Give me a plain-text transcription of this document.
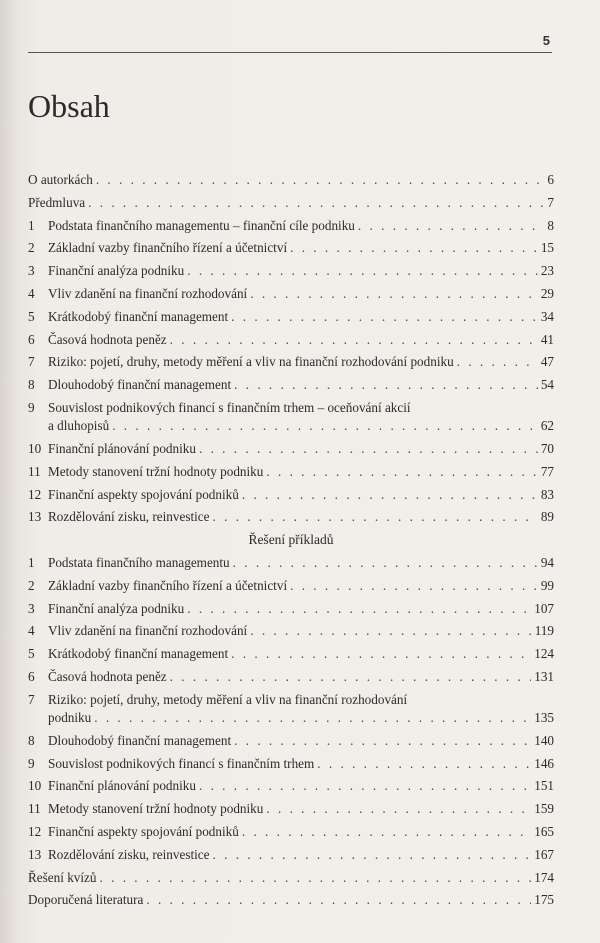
5
Obsah
O autorkách . . .	6
Předmluva . . .	7
1	Podstata finančního managementu – finanční cíle podniku . . .	8
2	Základní vazby finančního řízení a účetnictví . . .	15
3	Finanční analýza podniku . . .	23
4	Vliv zdanění na finanční rozhodování . . .	29
5	Krátkodobý finanční management . . .	34
6	Časová hodnota peněz . . .	41
7	Riziko: pojetí, druhy, metody měření a vliv na finanční rozhodování podniku . . .	47
8	Dlouhodobý finanční management . . .	54
9	Souvislost podnikových financí s finančním trhem – oceňování akcií
a dluhopisů . . .	62
10 Finanční plánování podniku . . .	70
11 Metody stanovení tržní hodnoty podniku . . .	77
12 Finanční aspekty spojování podniků . . .	83
13 Rozdělování zisku, reinvestice . . .	89
Řešení příkladů
1	Podstata finančního managementu . . .	94
2	Základní vazby finančního řízení a účetnictví . . .	99
3	Finanční analýza podniku . . .	107
4	Vliv zdanění na finanční rozhodování . . .	119
5	Krátkodobý finanční management . . .	124
6	Časová hodnota peněz . . .	131
7	Riziko: pojetí, druhy, metody měření a vliv na finanční rozhodování
podniku . . .	135
8	Dlouhodobý finanční management . . .	140
9	Souvislost podnikových financí s finančním trhem . . .	146
10 Finanční plánování podniku . . .	151
11 Metody stanovení tržní hodnoty podniku . . .	159
12 Finanční aspekty spojování podniků . . .	165
13 Rozdělování zisku, reinvestice . . .	167
Řešení kvízů . . .	174
Doporučená literatura . . .	175
